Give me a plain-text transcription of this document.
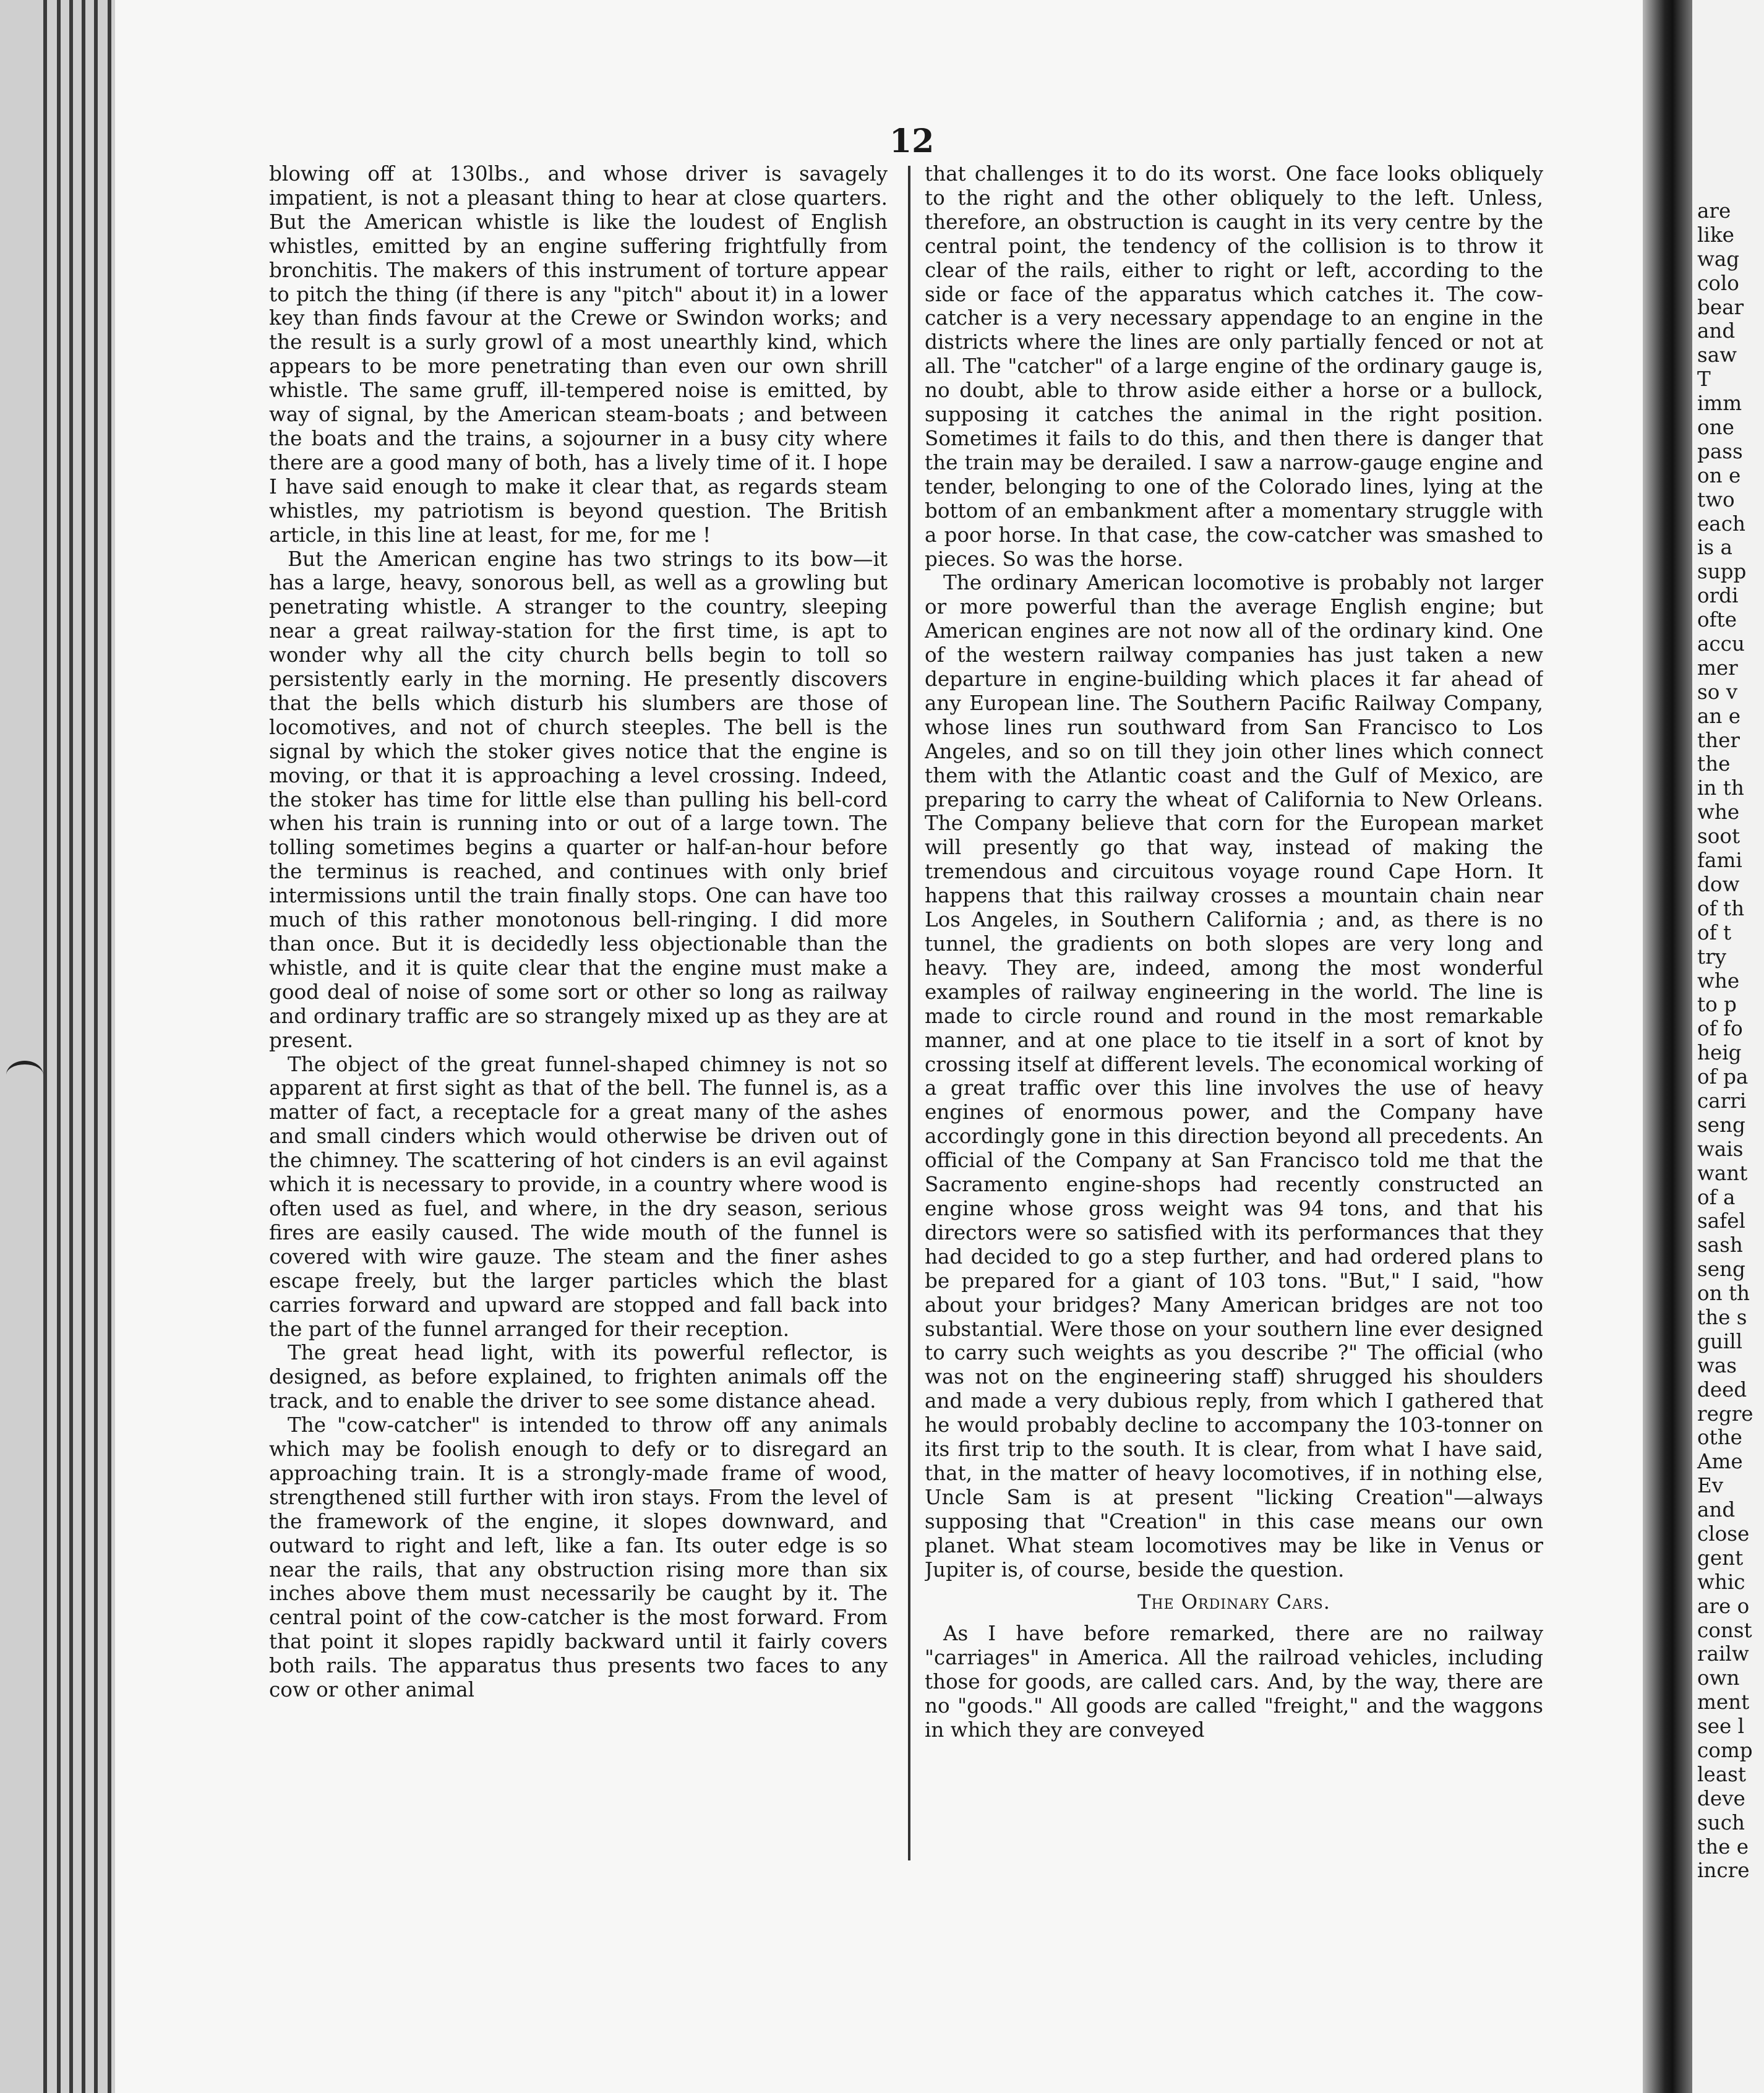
12

blowing off at 130lbs., and whose driver is savagely impatient, is not a pleasant thing to hear at close quarters. But the American whistle is like the loudest of English whistles, emitted by an engine suffering frightfully from bronchitis. The makers of this instrument of torture appear to pitch the thing (if there is any "pitch" about it) in a lower key than finds favour at the Crewe or Swindon works; and the result is a surly growl of a most unearthly kind, which appears to be more penetrating than even our own shrill whistle. The same gruff, ill-tempered noise is emitted, by way of signal, by the American steam-boats ; and between the boats and the trains, a sojourner in a busy city where there are a good many of both, has a lively time of it. I hope I have said enough to make it clear that, as regards steam whistles, my patriotism is beyond question. The British article, in this line at least, for me, for me !

But the American engine has two strings to its bow—it has a large, heavy, sonorous bell, as well as a growling but penetrating whistle. A stranger to the country, sleeping near a great railway-station for the first time, is apt to wonder why all the city church bells begin to toll so persistently early in the morning. He presently discovers that the bells which disturb his slumbers are those of locomotives, and not of church steeples. The bell is the signal by which the stoker gives notice that the engine is moving, or that it is approaching a level crossing. Indeed, the stoker has time for little else than pulling his bell-cord when his train is running into or out of a large town. The tolling sometimes begins a quarter or half-an-hour before the terminus is reached, and continues with only brief intermissions until the train finally stops. One can have too much of this rather monotonous bell-ringing. I did more than once. But it is decidedly less objectionable than the whistle, and it is quite clear that the engine must make a good deal of noise of some sort or other so long as railway and ordinary traffic are so strangely mixed up as they are at present.

The object of the great funnel-shaped chimney is not so apparent at first sight as that of the bell. The funnel is, as a matter of fact, a receptacle for a great many of the ashes and small cinders which would otherwise be driven out of the chimney. The scattering of hot cinders is an evil against which it is necessary to provide, in a country where wood is often used as fuel, and where, in the dry season, serious fires are easily caused. The wide mouth of the funnel is covered with wire gauze. The steam and the finer ashes escape freely, but the larger particles which the blast carries forward and upward are stopped and fall back into the part of the funnel arranged for their reception.

The great head light, with its powerful reflector, is designed, as before explained, to frighten animals off the track, and to enable the driver to see some distance ahead.

The "cow-catcher" is intended to throw off any animals which may be foolish enough to defy or to disregard an approaching train. It is a strongly-made frame of wood, strengthened still further with iron stays. From the level of the framework of the engine, it slopes downward, and outward to right and left, like a fan. Its outer edge is so near the rails, that any obstruction rising more than six inches above them must necessarily be caught by it. The central point of the cow-catcher is the most forward. From that point it slopes rapidly backward until it fairly covers both rails. The apparatus thus presents two faces to any cow or other animal

that challenges it to do its worst. One face looks obliquely to the right and the other obliquely to the left. Unless, therefore, an obstruction is caught in its very centre by the central point, the tendency of the collision is to throw it clear of the rails, either to right or left, according to the side or face of the apparatus which catches it. The cow-catcher is a very necessary appendage to an engine in the districts where the lines are only partially fenced or not at all. The "catcher" of a large engine of the ordinary gauge is, no doubt, able to throw aside either a horse or a bullock, supposing it catches the animal in the right position. Sometimes it fails to do this, and then there is danger that the train may be derailed. I saw a narrow-gauge engine and tender, belonging to one of the Colorado lines, lying at the bottom of an embankment after a momentary struggle with a poor horse. In that case, the cow-catcher was smashed to pieces. So was the horse.

The ordinary American locomotive is probably not larger or more powerful than the average English engine; but American engines are not now all of the ordinary kind. One of the western railway companies has just taken a new departure in engine-building which places it far ahead of any European line. The Southern Pacific Railway Company, whose lines run southward from San Francisco to Los Angeles, and so on till they join other lines which connect them with the Atlantic coast and the Gulf of Mexico, are preparing to carry the wheat of California to New Orleans. The Company believe that corn for the European market will presently go that way, instead of making the tremendous and circuitous voyage round Cape Horn. It happens that this railway crosses a mountain chain near Los Angeles, in Southern California ; and, as there is no tunnel, the gradients on both slopes are very long and heavy. They are, indeed, among the most wonderful examples of railway engineering in the world. The line is made to circle round and round in the most remarkable manner, and at one place to tie itself in a sort of knot by crossing itself at different levels. The economical working of a great traffic over this line involves the use of heavy engines of enormous power, and the Company have accordingly gone in this direction beyond all precedents. An official of the Company at San Francisco told me that the Sacramento engine-shops had recently constructed an engine whose gross weight was 94 tons, and that his directors were so satisfied with its performances that they had decided to go a step further, and had ordered plans to be prepared for a giant of 103 tons. "But," I said, "how about your bridges? Many American bridges are not too substantial. Were those on your southern line ever designed to carry such weights as you describe ?" The official (who was not on the engineering staff) shrugged his shoulders and made a very dubious reply, from which I gathered that he would probably decline to accompany the 103-tonner on its first trip to the south. It is clear, from what I have said, that, in the matter of heavy locomotives, if in nothing else, Uncle Sam is at present "licking Creation"—always supposing that "Creation" in this case means our own planet. What steam locomotives may be like in Venus or Jupiter is, of course, beside the question.

The Ordinary Cars.

As I have before remarked, there are no railway "carriages" in America. All the railroad vehicles, including those for goods, are called cars. And, by the way, there are no "goods." All goods are called "freight," and the waggons in which they are conveyed

are
like
wag
colo
bear
and
saw
T
imm
one
pass
on e
two
each
is a
supp
ordi
ofte
accu
mer
so v
an e
ther
the
in th
whe
soot
fami
dow
of th
of t
try
whe
to p
of fo
heig
of pa
carri
seng
wais
want
of a
safel
sash
seng
on th
the s
guill
was
deed
regre
othe
Ame
Ev
and
close
gent
whic
are o
const
railw
own
ment
see l
comp
least
deve
such
the e
incre
